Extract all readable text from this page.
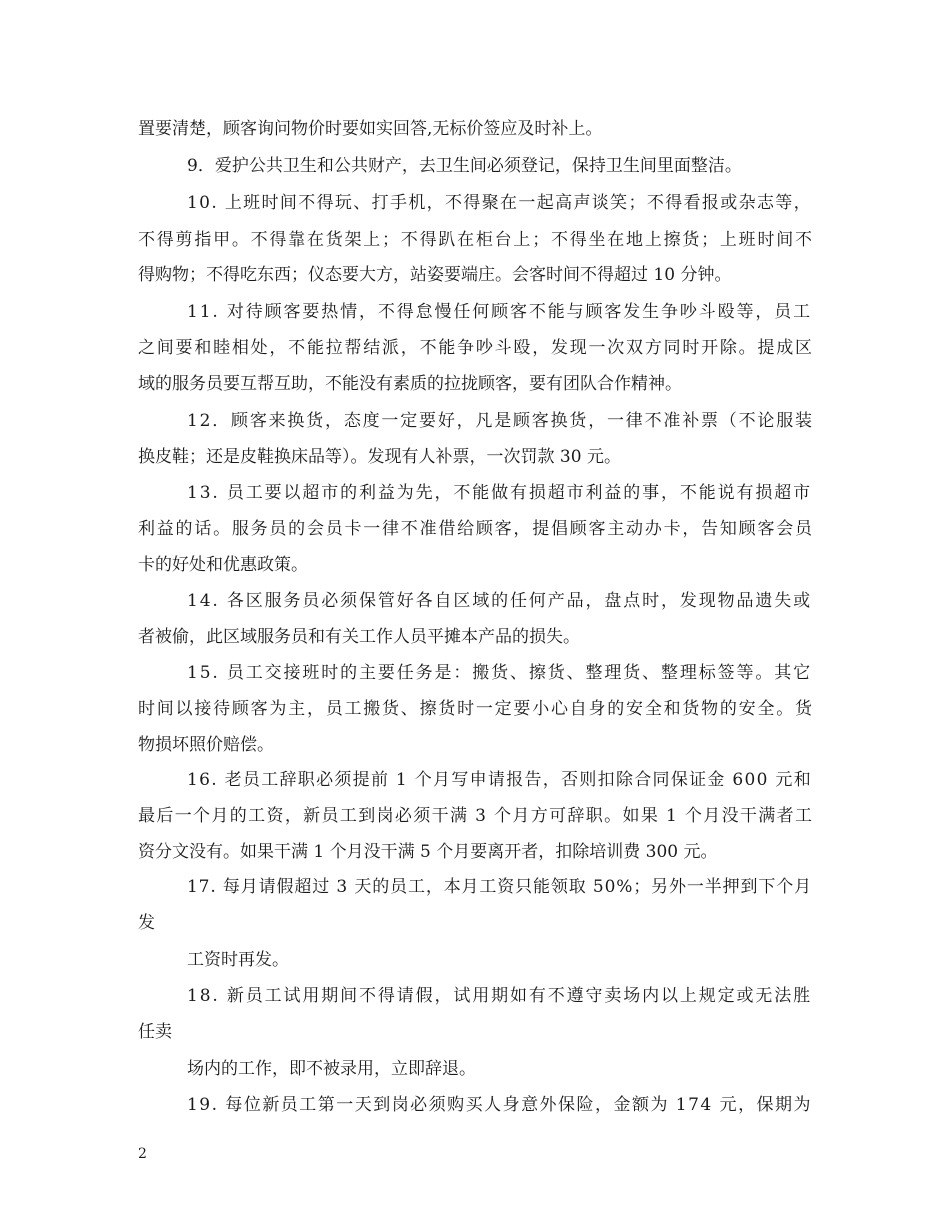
置要清楚，顾客询问物价时要如实回答,无标价签应及时补上。
9．爱护公共卫生和公共财产，去卫生间必须登记，保持卫生间里面整洁。
10. 上班时间不得玩、打手机，不得聚在一起高声谈笑；不得看报或杂志等，
不得剪指甲。不得靠在货架上；不得趴在柜台上；不得坐在地上擦货；上班时间不
得购物；不得吃东西；仪态要大方，站姿要端庄。会客时间不得超过 10 分钟。
11. 对待顾客要热情，不得怠慢任何顾客不能与顾客发生争吵斗殴等，员工
之间要和睦相处，不能拉帮结派，不能争吵斗殴，发现一次双方同时开除。提成区
域的服务员要互帮互助，不能没有素质的拉拢顾客，要有团队合作精神。
12．顾客来换货，态度一定要好，凡是顾客换货，一律不准补票（不论服装
换皮鞋；还是皮鞋换床品等）。发现有人补票，一次罚款 30 元。
13. 员工要以超市的利益为先，不能做有损超市利益的事，不能说有损超市
利益的话。服务员的会员卡一律不准借给顾客，提倡顾客主动办卡，告知顾客会员
卡的好处和优惠政策。
14. 各区服务员必须保管好各自区域的任何产品，盘点时，发现物品遗失或
者被偷，此区域服务员和有关工作人员平摊本产品的损失。
15. 员工交接班时的主要任务是：搬货、擦货、整理货、整理标签等。其它
时间以接待顾客为主，员工搬货、擦货时一定要小心自身的安全和货物的安全。货
物损坏照价赔偿。
16. 老员工辞职必须提前 1 个月写申请报告，否则扣除合同保证金 600 元和
最后一个月的工资，新员工到岗必须干满 3 个月方可辞职。如果 1 个月没干满者工
资分文没有。如果干满 1 个月没干满 5 个月要离开者，扣除培训费 300 元。
17. 每月请假超过 3 天的员工，本月工资只能领取 50%；另外一半押到下个月
发
工资时再发。
18. 新员工试用期间不得请假，试用期如有不遵守卖场内以上规定或无法胜
任卖
场内的工作，即不被录用，立即辞退。
19. 每位新员工第一天到岗必须购买人身意外保险，金额为 174 元，保期为
2
